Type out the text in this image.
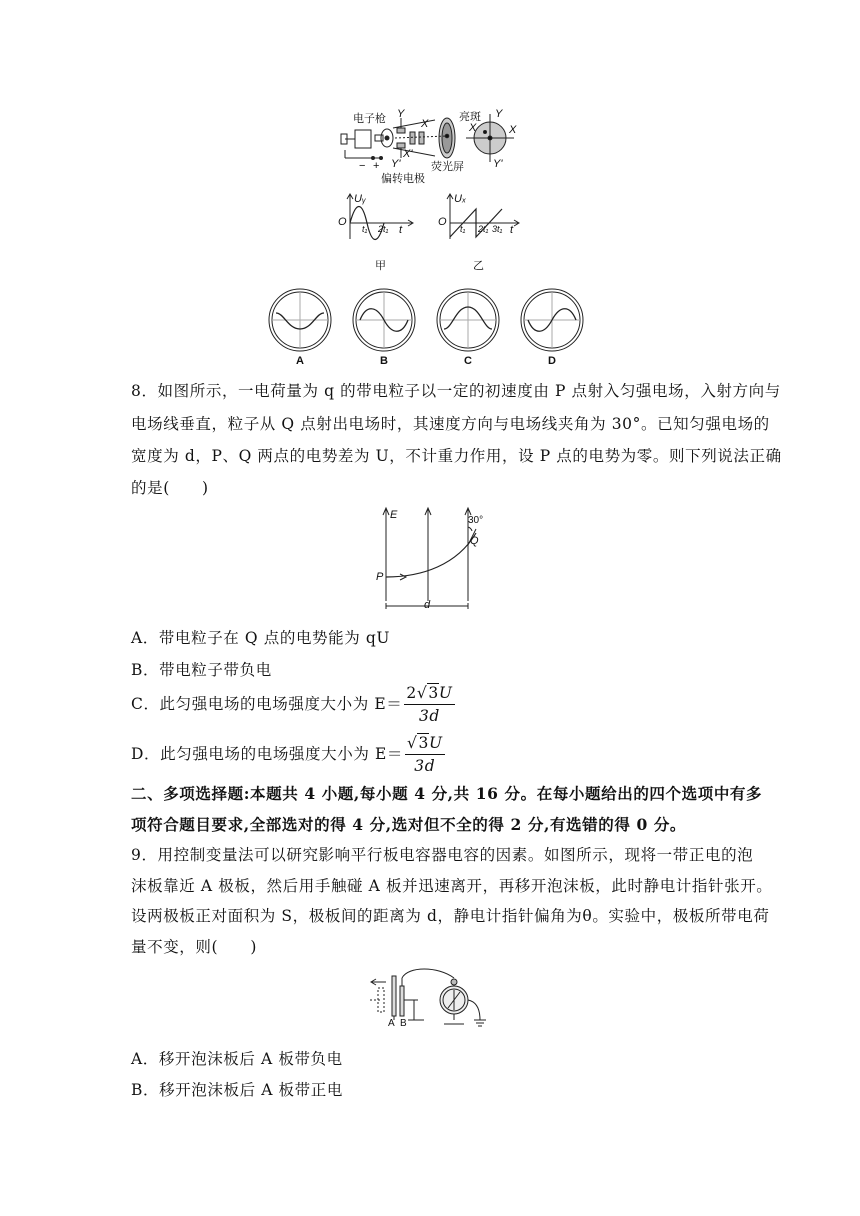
电子枪 Y
X
X'
Y'
− +
偏转电极
荧光屏
亮斑 Y
X	X
Y'
Uᵧ
O
t₁ 2t₁ t
甲
Uₓ
O
t₁ 2t₁ 3t₁ t
乙
A	B	C	D
8．如图所示，一电荷量为 q 的带电粒子以一定的初速度由 P 点射入匀强电场，入射方向与
电场线垂直，粒子从 Q 点射出电场时，其速度方向与电场线夹角为 30°。已知匀强电场的
宽度为 d，P、Q 两点的电势差为 U，不计重力作用，设 P 点的电势为零。则下列说法正确
的是(　　)
E	30°
Q
P
d
A．带电粒子在 Q 点的电势能为 qU
B．带电粒子带负电
C．此匀强电场的电场强度大小为 $E= \frac{2√3U}{3d}$
D．此匀强电场的电场强度大小为 $E= \frac{√3U}{3d}$
二、多项选择题:本题共 4 小题,每小题 4 分,共 16 分。在每小题给出的四个选项中有多
项符合题目要求,全部选对的得 4 分,选对但不全的得 2 分,有选错的得 0 分。
9．用控制变量法可以研究影响平行板电容器电容的因素。如图所示，现将一带正电的泡
沫板靠近 A 极板，然后用手触碰 A 板并迅速离开，再移开泡沫板，此时静电计指针张开。
设两极板正对面积为 S，极板间的距离为 d，静电计指针偏角为θ。实验中，极板所带电荷
量不变，则(　　)
A B
A．移开泡沫板后 A 板带负电
B．移开泡沫板后 A 板带正电
